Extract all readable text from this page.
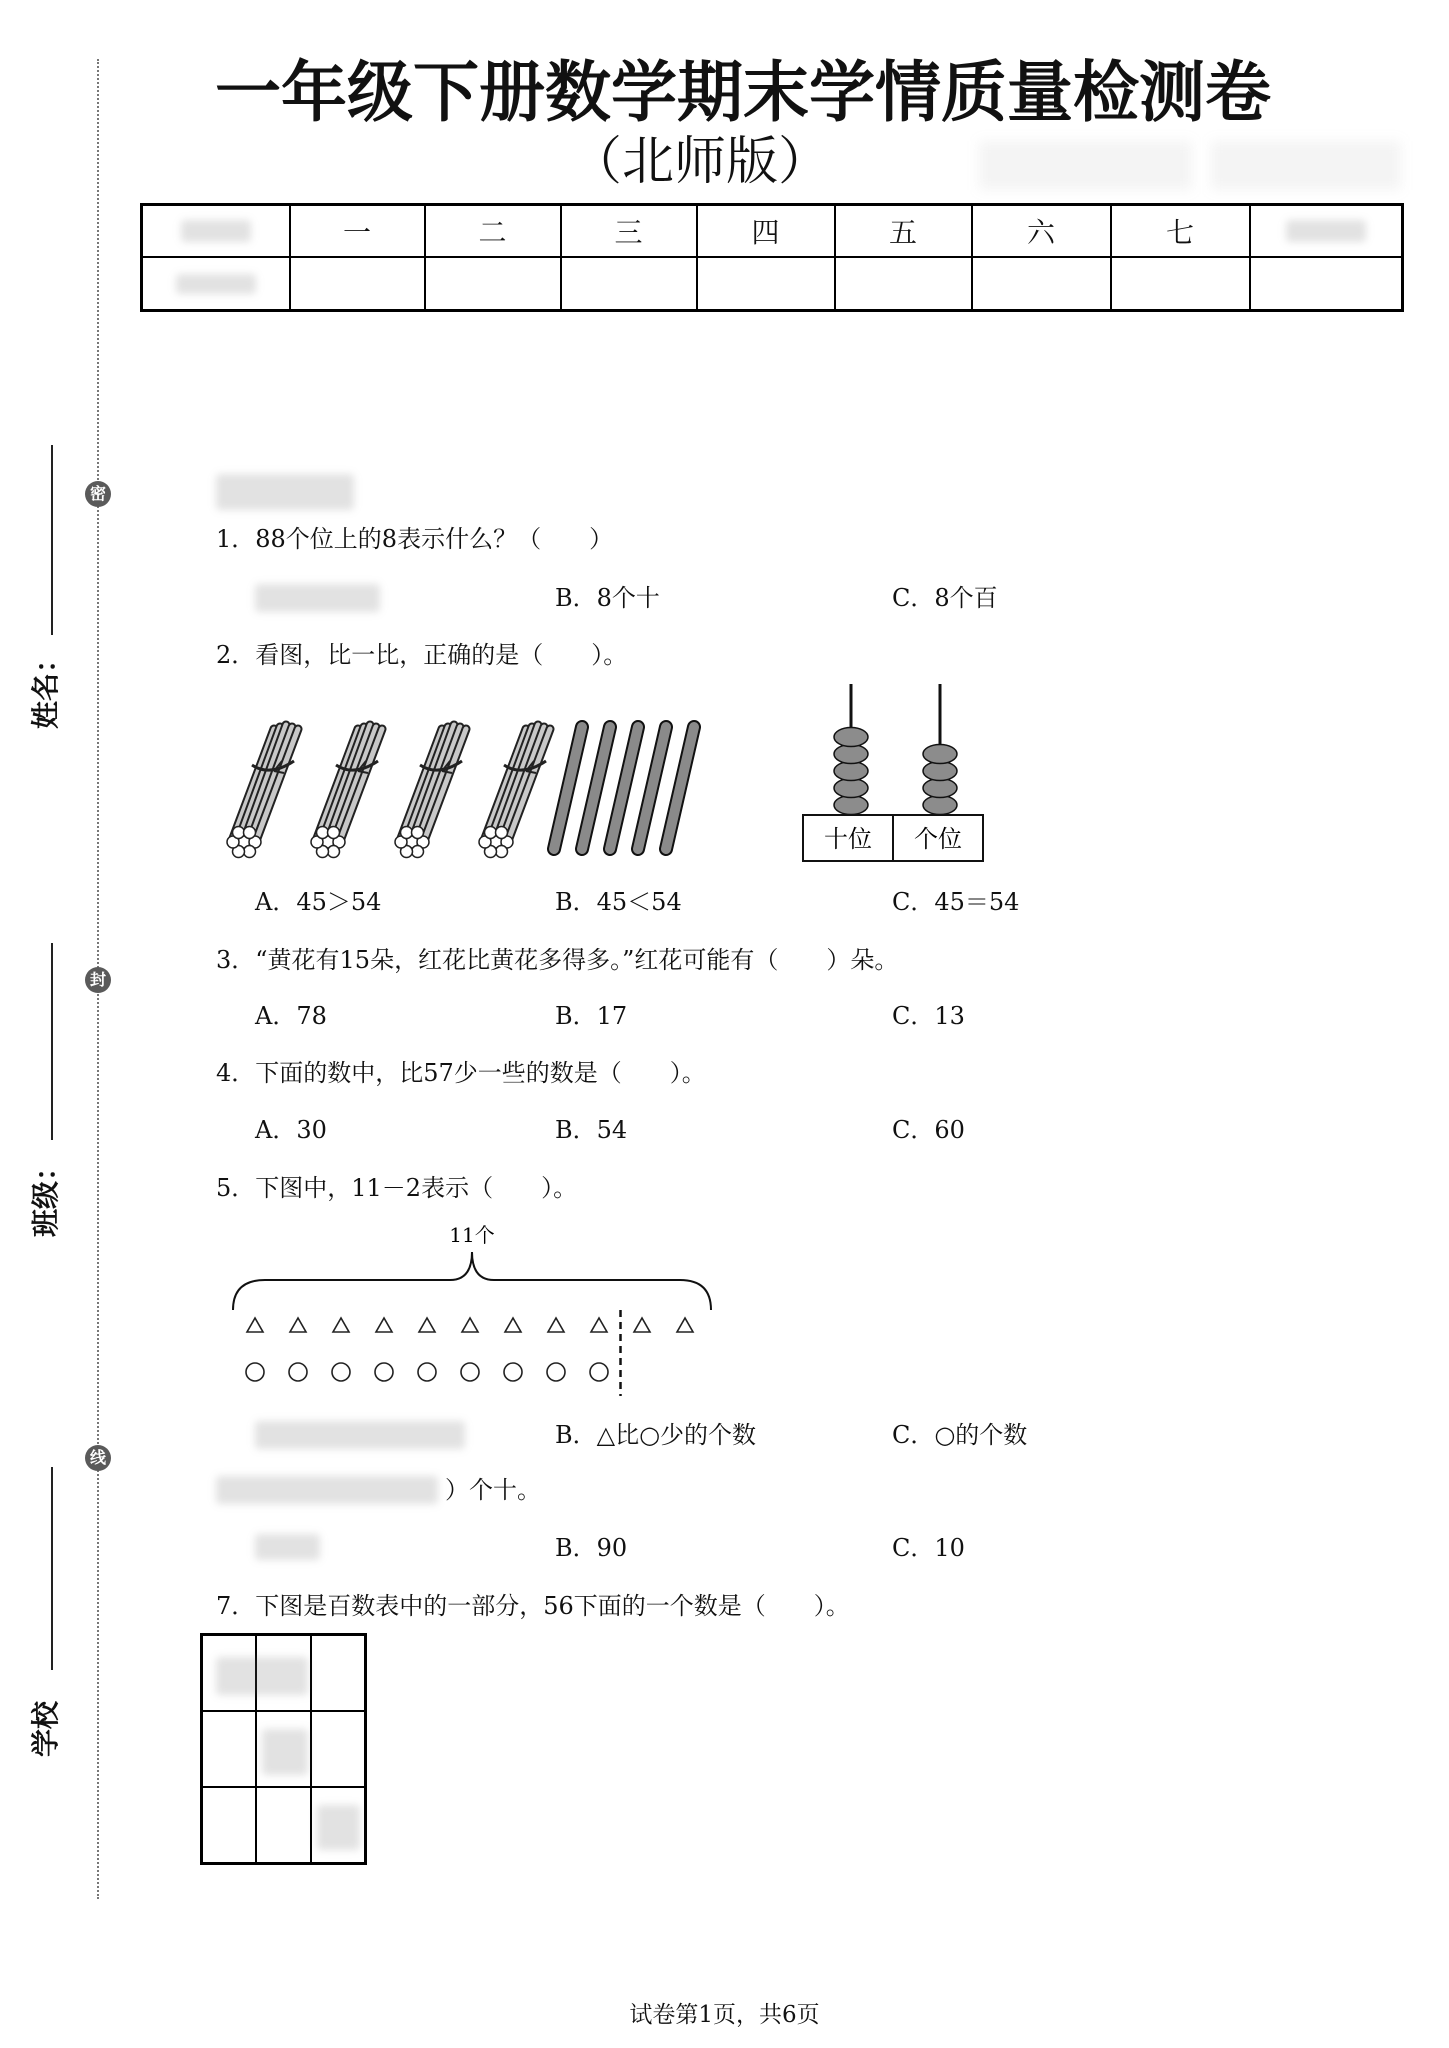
一年级下册数学期末学情质量检测卷
（北师版）
	一	二	三	四	五	六	七	

密
封
线
姓名：
班级：
学校
1．88个位上的8表示什么？（　　）
B．8个十	C．8个百
2．看图，比一比，正确的是（　　）。
十位 个位
A．45＞54	B．45＜54	C．45＝54
3．“黄花有15朵，红花比黄花多得多。”红花可能有（　　）朵。
A．78	B．17	C．13
4．下面的数中，比57少一些的数是（　　）。
A．30	B．54	C．60
5．下图中，11－2表示（　　）。
11个
B．△比○少的个数	C．○的个数
）个十。
B．90	C．10
7．下图是百数表中的一部分，56下面的一个数是（　　）。
试卷第1页，共6页
